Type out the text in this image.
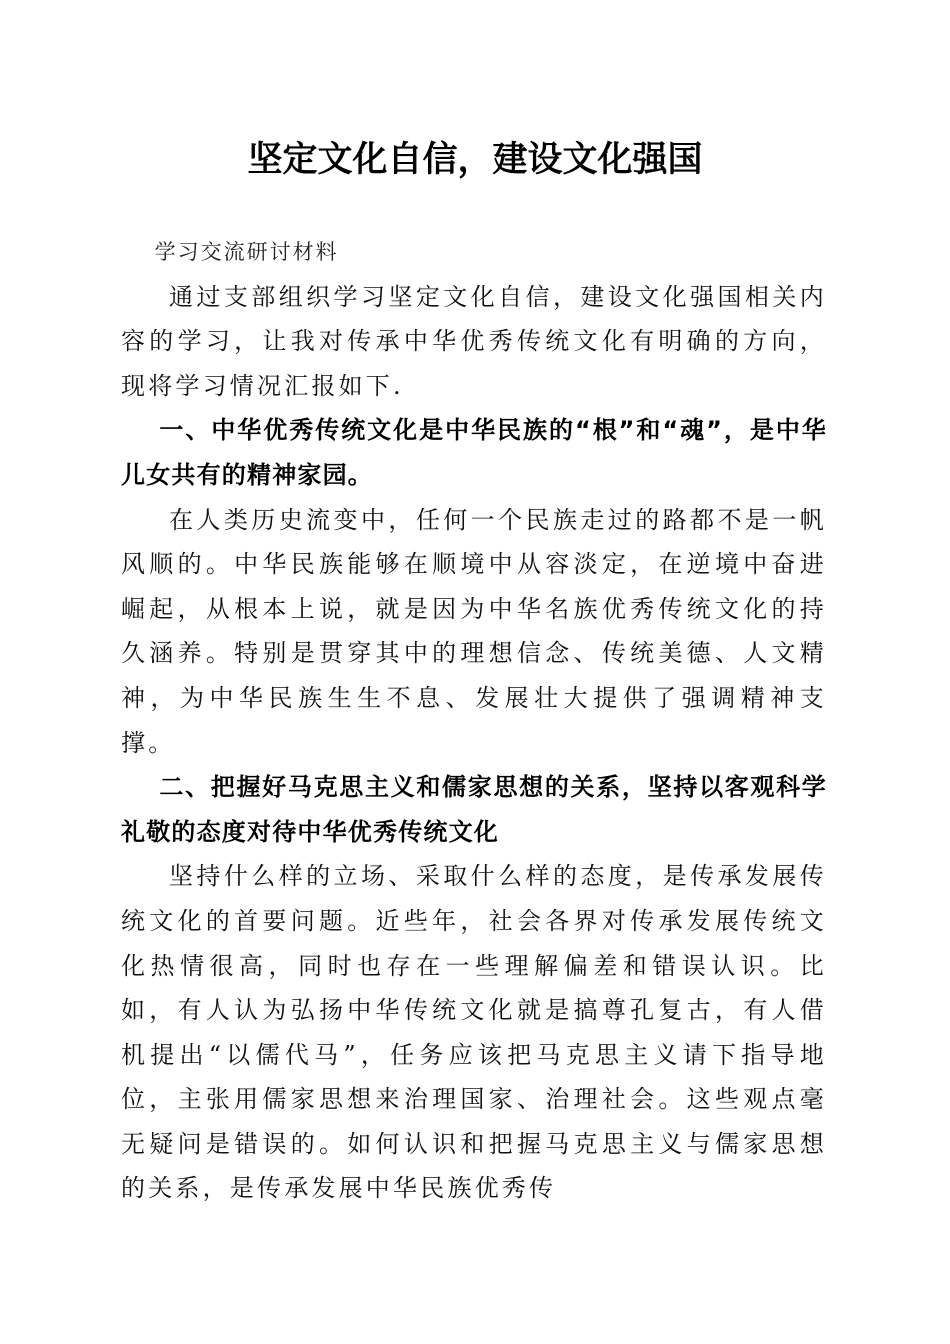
坚定文化自信，建设文化强国

学习交流研讨材料

通过支部组织学习坚定文化自信，建设文化强国相关内容的学习，让我对传承中华优秀传统文化有明确的方向，现将学习情况汇报如下.

一、中华优秀传统文化是中华民族的“根”和“魂”，是中华儿女共有的精神家园。

在人类历史流变中，任何一个民族走过的路都不是一帆风顺的。中华民族能够在顺境中从容淡定，在逆境中奋进崛起，从根本上说，就是因为中华名族优秀传统文化的持久涵养。特别是贯穿其中的理想信念、传统美德、人文精神，为中华民族生生不息、发展壮大提供了强调精神支撑。

二、把握好马克思主义和儒家思想的关系，坚持以客观科学礼敬的态度对待中华优秀传统文化

坚持什么样的立场、采取什么样的态度，是传承发展传统文化的首要问题。近些年，社会各界对传承发展传统文化热情很高，同时也存在一些理解偏差和错误认识。比如，有人认为弘扬中华传统文化就是搞尊孔复古，有人借机提出“以儒代马”，任务应该把马克思主义请下指导地位，主张用儒家思想来治理国家、治理社会。这些观点毫无疑问是错误的。如何认识和把握马克思主义与儒家思想的关系，是传承发展中华民族优秀传
